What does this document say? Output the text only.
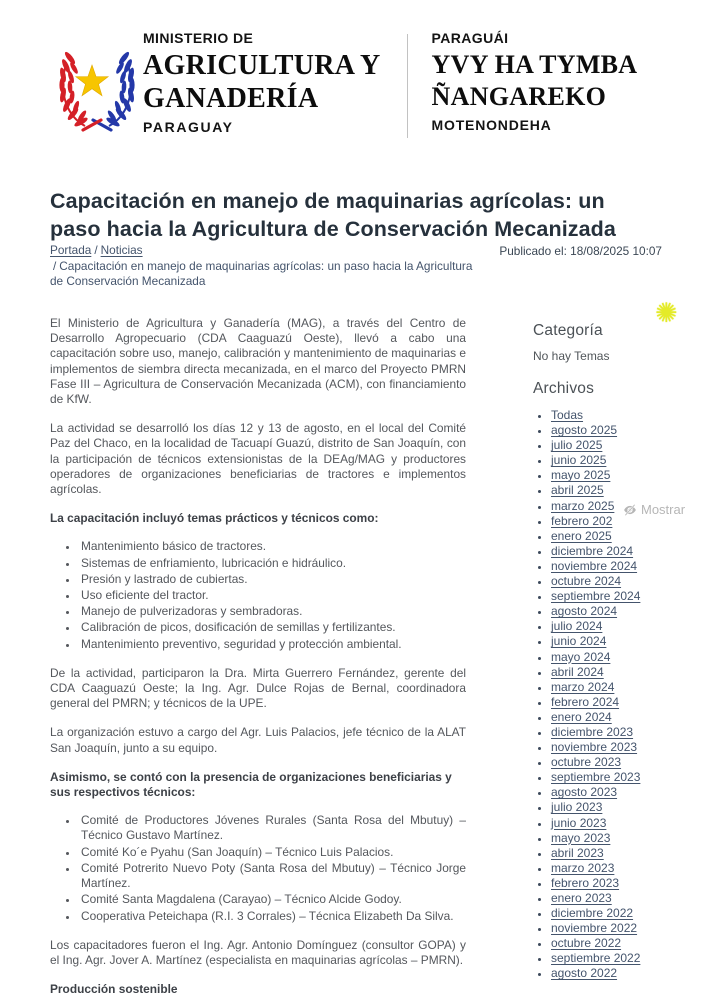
MINISTERIO DE
AGRICULTURA Y
GANADERÍA
PARAGUAY
PARAGUÁI
YVY HA TYMBA
ÑANGAREKO
MOTENONDEHA
Capacitación en manejo de maquinarias agrícolas: un paso hacia la Agricultura de Conservación Mecanizada
Portada / Noticias
/ Capacitación en manejo de maquinarias agrícolas: un paso hacia la Agricultura de Conservación Mecanizada
Publicado el: 18/08/2025 10:07

El Ministerio de Agricultura y Ganadería (MAG), a través del Centro de Desarrollo Agropecuario (CDA Caaguazú Oeste), llevó a cabo una capacitación sobre uso, manejo, calibración y mantenimiento de maquinarias e implementos de siembra directa mecanizada, en el marco del Proyecto PMRN Fase III – Agricultura de Conservación Mecanizada (ACM), con financiamiento de KfW.

La actividad se desarrolló los días 12 y 13 de agosto, en el local del Comité Paz del Chaco, en la localidad de Tacuapí Guazú, distrito de San Joaquín, con la participación de técnicos extensionistas de la DEAg/MAG y productores operadores de organizaciones beneficiarias de tractores e implementos agrícolas.

La capacitación incluyó temas prácticos y técnicos como:

• Mantenimiento básico de tractores.
• Sistemas de enfriamiento, lubricación e hidráulico.
• Presión y lastrado de cubiertas.
• Uso eficiente del tractor.
• Manejo de pulverizadoras y sembradoras.
• Calibración de picos, dosificación de semillas y fertilizantes.
• Mantenimiento preventivo, seguridad y protección ambiental.

De la actividad, participaron la Dra. Mirta Guerrero Fernández, gerente del CDA Caaguazú Oeste; la Ing. Agr. Dulce Rojas de Bernal, coordinadora general del PMRN; y técnicos de la UPE.

La organización estuvo a cargo del Agr. Luis Palacios, jefe técnico de la ALAT San Joaquín, junto a su equipo.

Asimismo, se contó con la presencia de organizaciones beneficiarias y sus respectivos técnicos:

• Comité de Productores Jóvenes Rurales (Santa Rosa del Mbutuy) – Técnico Gustavo Martínez.
• Comité Ko´e Pyahu (San Joaquín) – Técnico Luis Palacios.
• Comité Potrerito Nuevo Poty (Santa Rosa del Mbutuy) – Técnico Jorge Martínez.
• Comité Santa Magdalena (Carayao) – Técnico Alcide Godoy.
• Cooperativa Peteichapa (R.I. 3 Corrales) – Técnica Elizabeth Da Silva.

Los capacitadores fueron el Ing. Agr. Antonio Domínguez (consultor GOPA) y el Ing. Agr. Jover A. Martínez (especialista en maquinarias agrícolas – PMRN).

Producción sostenible

Categoría

No hay Temas

Archivos
• Todas
• agosto 2025
• julio 2025
• junio 2025
• mayo 2025
• abril 2025
• marzo 2025
• febrero 202
• enero 2025
• diciembre 2024
• noviembre 2024
• octubre 2024
• septiembre 2024
• agosto 2024
• julio 2024
• junio 2024
• mayo 2024
• abril 2024
• marzo 2024
• febrero 2024
• enero 2024
• diciembre 2023
• noviembre 2023
• octubre 2023
• septiembre 2023
• agosto 2023
• julio 2023
• junio 2023
• mayo 2023
• abril 2023
• marzo 2023
• febrero 2023
• enero 2023
• diciembre 2022
• noviembre 2022
• octubre 2022
• septiembre 2022
• agosto 2022
Mostrar
✺
